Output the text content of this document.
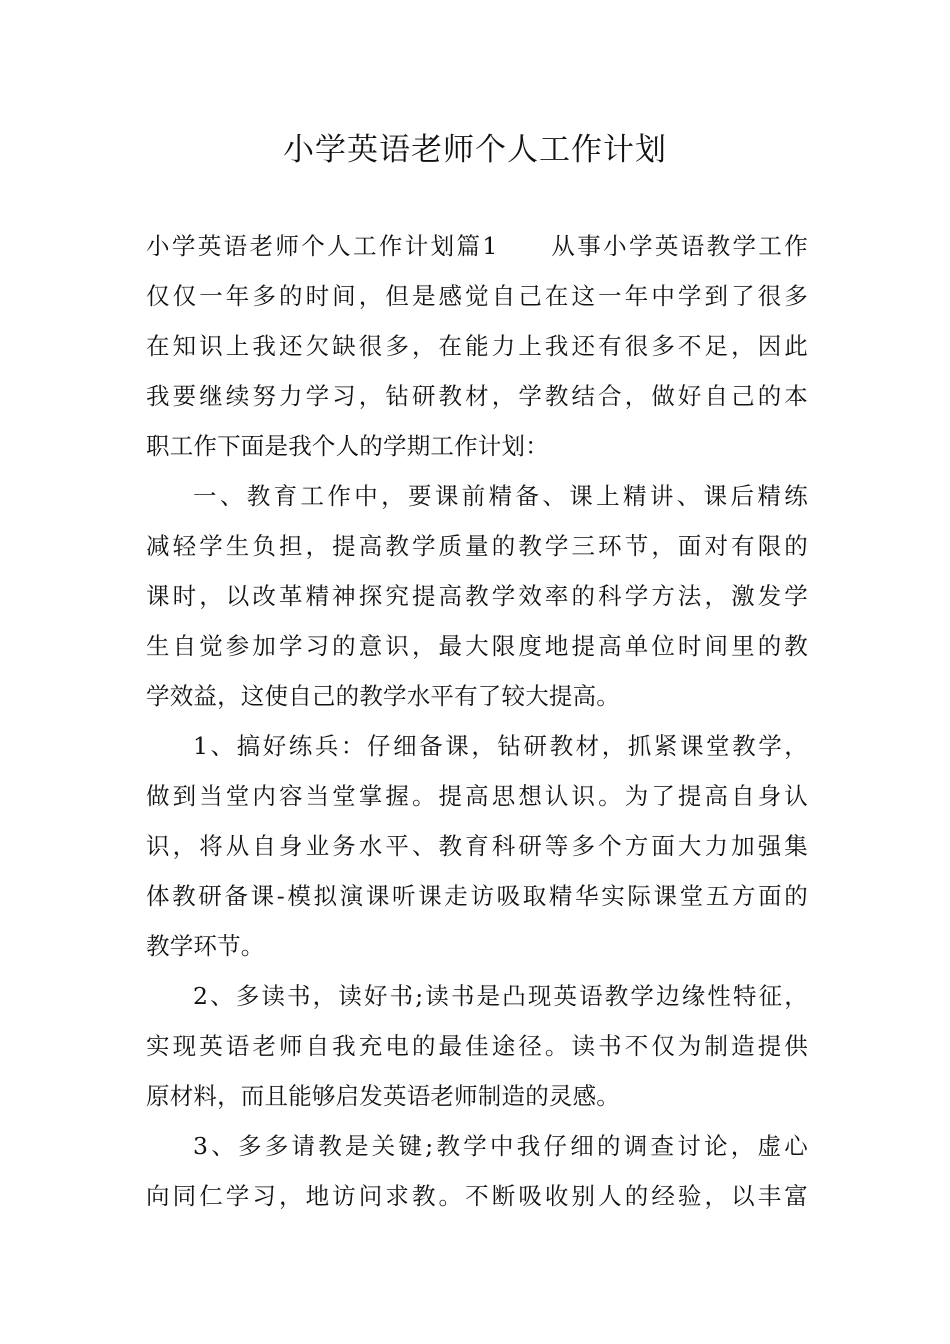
小学英语老师个人工作计划
小学英语老师个人工作计划篇1　　从事小学英语教学工作
仅仅一年多的时间，但是感觉自己在这一年中学到了很多
在知识上我还欠缺很多，在能力上我还有很多不足，因此
我要继续努力学习，钻研教材，学教结合，做好自己的本
职工作下面是我个人的学期工作计划：
一、教育工作中，要课前精备、课上精讲、课后精练
减轻学生负担，提高教学质量的教学三环节，面对有限的
课时，以改革精神探究提高教学效率的科学方法，激发学
生自觉参加学习的意识，最大限度地提高单位时间里的教
学效益，这使自己的教学水平有了较大提高。
1、搞好练兵：仔细备课，钻研教材，抓紧课堂教学，
做到当堂内容当堂掌握。提高思想认识。为了提高自身认
识，将从自身业务水平、教育科研等多个方面大力加强集
体教研备课-模拟演课听课走访吸取精华实际课堂五方面的
教学环节。
2、多读书，读好书;读书是凸现英语教学边缘性特征，
实现英语老师自我充电的最佳途径。读书不仅为制造提供
原材料，而且能够启发英语老师制造的灵感。
3、多多请教是关键;教学中我仔细的调查讨论，虚心
向同仁学习，地访问求教。不断吸收别人的经验，以丰富
